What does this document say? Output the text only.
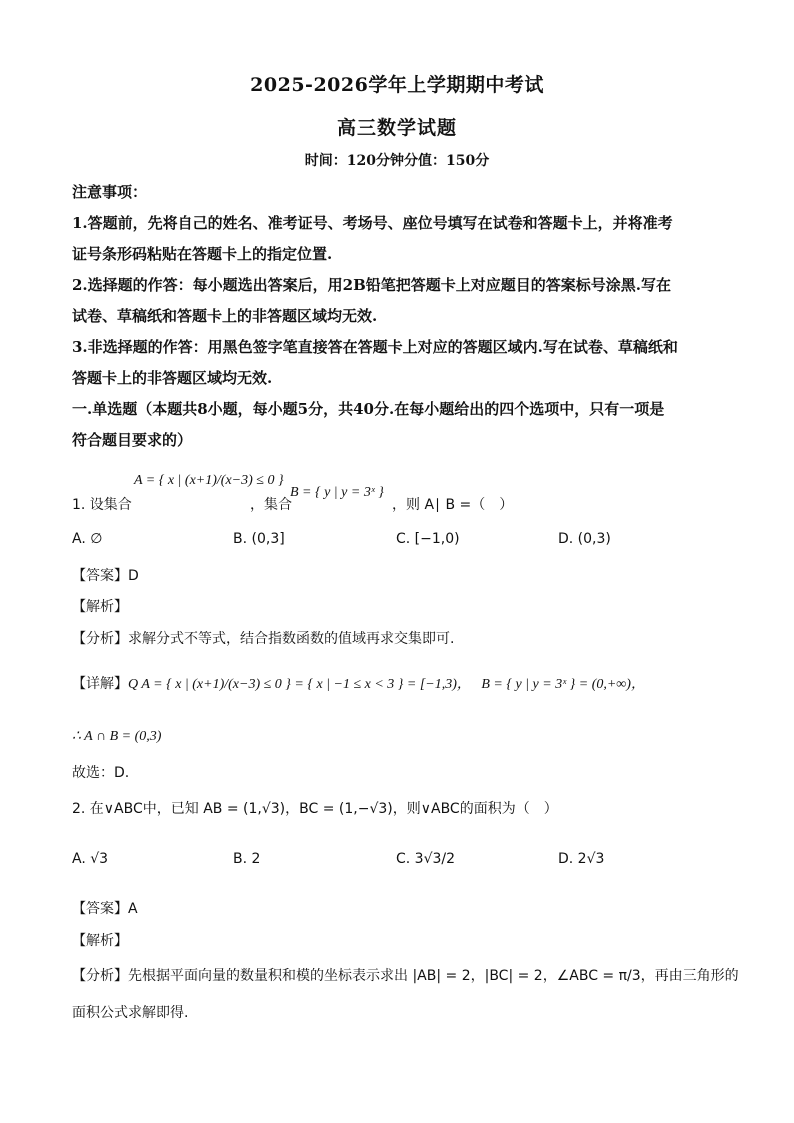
2025-2026学年上学期期中考试
高三数学试题
时间：120分钟分值：150分
注意事项：
1.答题前，先将自己的姓名、准考证号、考场号、座位号填写在试卷和答题卡上，并将准考
证号条形码粘贴在答题卡上的指定位置.
2.选择题的作答：每小题选出答案后，用2B铅笔把答题卡上对应题目的答案标号涂黑.写在
试卷、草稿纸和答题卡上的非答题区域均无效.
3.非选择题的作答：用黑色签字笔直接答在答题卡上对应的答题区域内.写在试卷、草稿纸和
答题卡上的非答题区域均无效.
一.单选题（本题共8小题，每小题5分，共40分.在每小题给出的四个选项中，只有一项是
符合题目要求的）
1. 设集合
A = { x | (x+1)/(x−3) ≤ 0 }
，集合
B = { y | y = 3ˣ }
，则 A∣ B =（　）
A. ∅	B. (0,3]	C. [−1,0)	D. (0,3)
【答案】D
【解析】
【分析】求解分式不等式，结合指数函数的值域再求交集即可.
【详解】Q A = { x | (x+1)/(x−3) ≤ 0 } = { x | −1 ≤ x < 3 } = [−1,3)， B = { y | y = 3ˣ } = (0,+∞)，
∴ A ∩ B = (0,3)
故选：D.
2. 在∨ABC中，已知 AB = (1,√3)，BC = (1,−√3)，则∨ABC的面积为（　）
A. √3	B. 2	C. 3√3/2	D. 2√3
【答案】A
【解析】
【分析】先根据平面向量的数量积和模的坐标表示求出 |AB| = 2，|BC| = 2，∠ABC = π/3，再由三角形的
面积公式求解即得.
